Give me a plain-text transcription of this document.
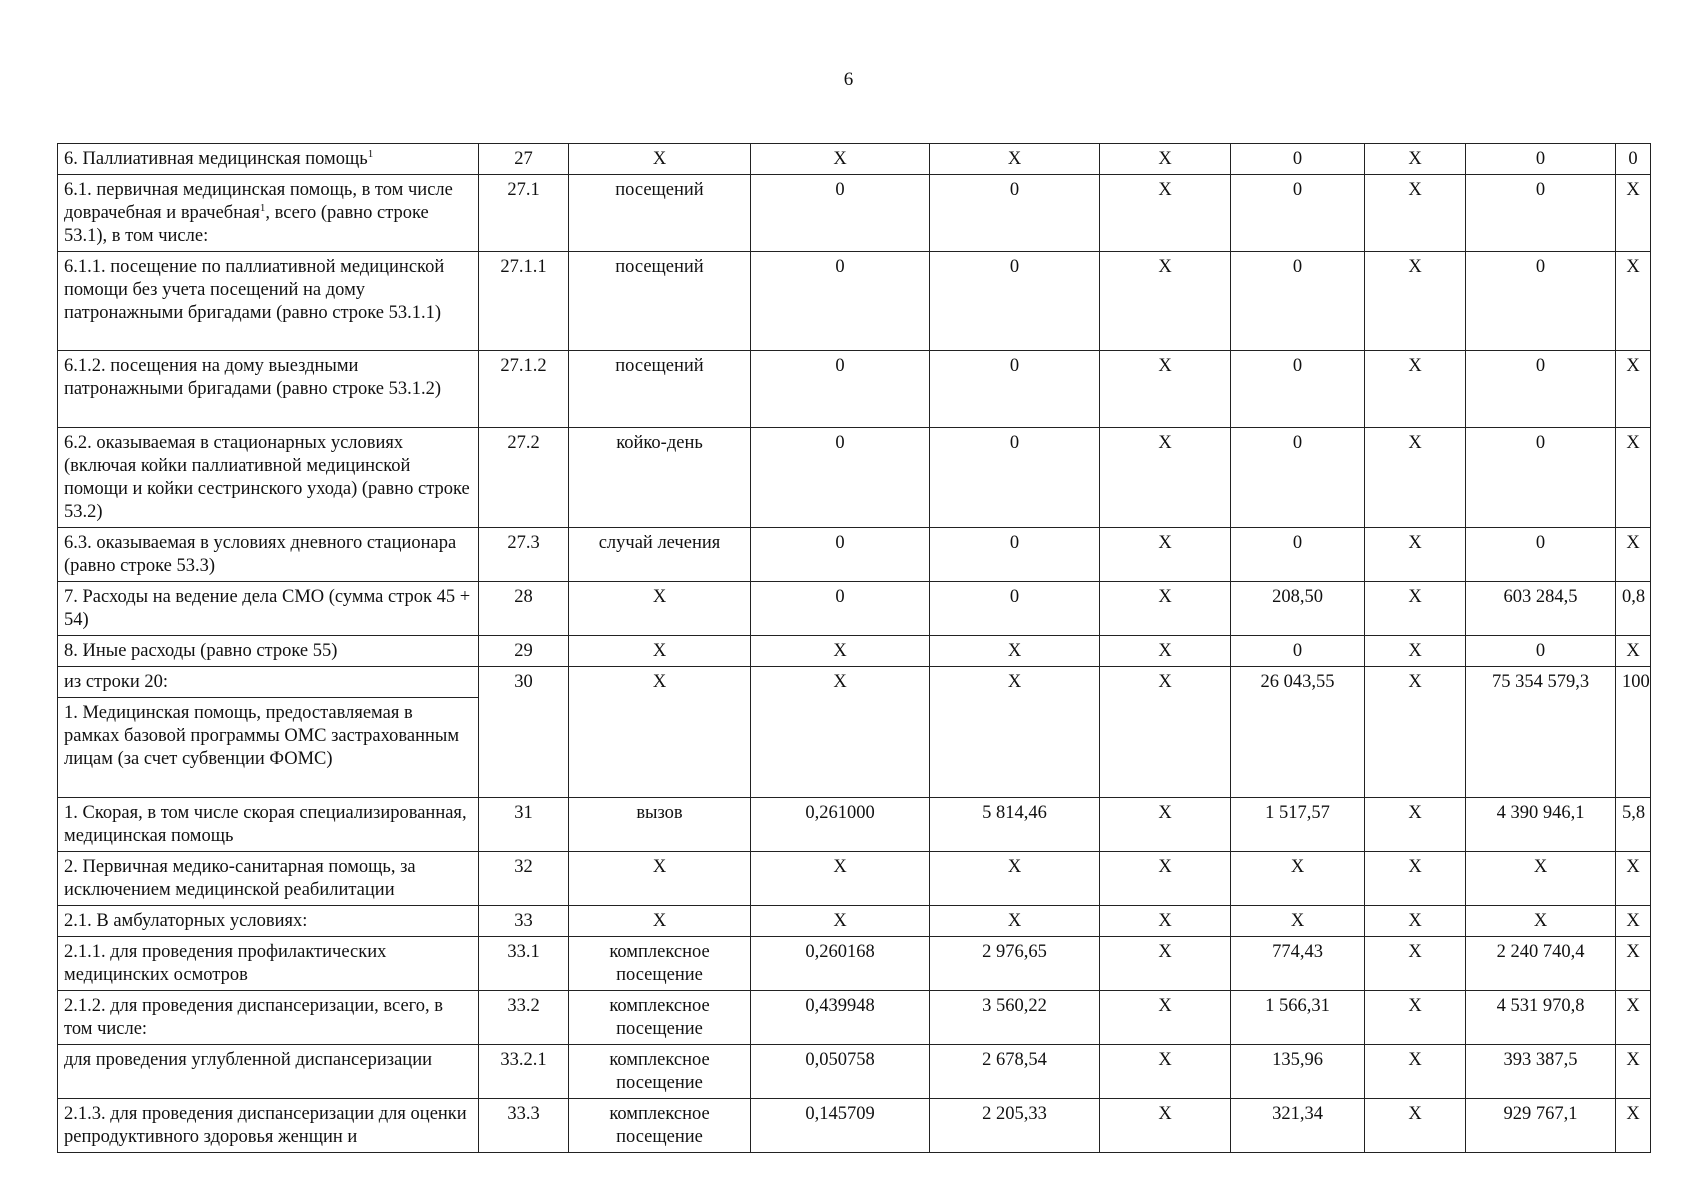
6
6. Паллиативная медицинская помощь$^1$	27	X	X	X	X	0	X	0	0
6.1. первичная медицинская помощь, в том числе доврачебная и врачебная$^1$, всего (равно строке 53.1), в том числе:	27.1	посещений	0	0	X	0	X	0	X
6.1.1. посещение по паллиативной медицинской помощи без учета посещений на дому патронажными бригадами (равно строке 53.1.1)	27.1.1	посещений	0	0	X	0	X	0	X
6.1.2. посещения на дому выездными патронажными бригадами (равно строке 53.1.2)	27.1.2	посещений	0	0	X	0	X	0	X
6.2. оказываемая в стационарных условиях (включая койки паллиативной медицинской помощи и койки сестринского ухода) (равно строке 53.2)	27.2	койко-день	0	0	X	0	X	0	X
6.3. оказываемая в условиях дневного стационара (равно строке 53.3)	27.3	случай лечения	0	0	X	0	X	0	X
7. Расходы на ведение дела СМО (сумма строк 45 + 54)	28	X	0	0	X	208,50	X	603 284,5	0,8
8. Иные расходы (равно строке 55)	29	X	X	X	X	0	X	0	X
из строки 20:	30	X	X	X	X	26 043,55	X	75 354 579,3	100
1. Медицинская помощь, предоставляемая в рамках базовой программы ОМС застрахованным лицам (за счет субвенции ФОМС)									
1. Скорая, в том числе скорая специализированная, медицинская помощь	31	вызов	0,261000	5 814,46	X	1 517,57	X	4 390 946,1	5,8
2. Первичная медико-санитарная помощь, за исключением медицинской реабилитации	32	X	X	X	X	X	X	X	X
2.1. В амбулаторных условиях:	33	X	X	X	X	X	X	X	X
2.1.1. для проведения профилактических медицинских осмотров	33.1	комплексное посещение	0,260168	2 976,65	X	774,43	X	2 240 740,4	X
2.1.2. для проведения диспансеризации, всего, в том числе:	33.2	комплексное посещение	0,439948	3 560,22	X	1 566,31	X	4 531 970,8	X
для проведения углубленной диспансеризации	33.2.1	комплексное посещение	0,050758	2 678,54	X	135,96	X	393 387,5	X
2.1.3. для проведения диспансеризации для оценки репродуктивного здоровья женщин и	33.3	комплексное посещение	0,145709	2 205,33	X	321,34	X	929 767,1	X
